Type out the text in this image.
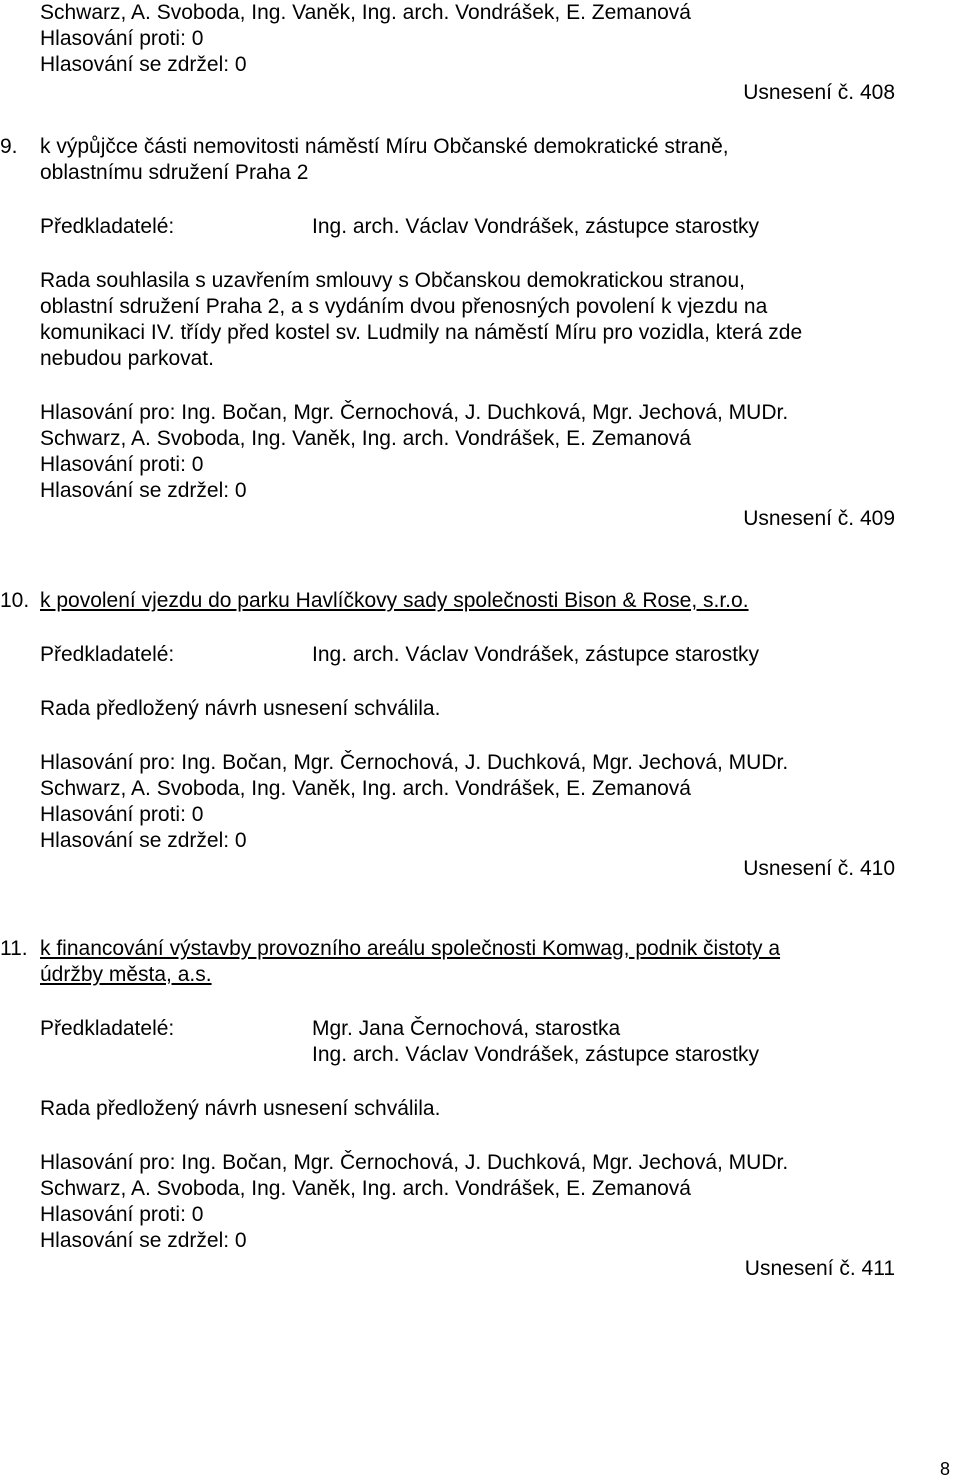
Schwarz, A. Svoboda, Ing. Vaněk, Ing. arch. Vondrášek, E. Zemanová
Hlasování proti: 0
Hlasování se zdržel: 0
Usnesení č. 408
9. k výpůjčce části nemovitosti náměstí Míru Občanské demokratické straně,
oblastnímu sdružení Praha 2
Předkladatelé:	Ing. arch. Václav Vondrášek, zástupce starostky
Rada souhlasila s uzavřením smlouvy s Občanskou demokratickou stranou,
oblastní sdružení Praha 2, a s vydáním dvou přenosných povolení k vjezdu na
komunikaci IV. třídy před kostel sv. Ludmily na náměstí Míru pro vozidla, která zde
nebudou parkovat.
Hlasování pro: Ing. Bočan, Mgr. Černochová, J. Duchková, Mgr. Jechová, MUDr.
Schwarz, A. Svoboda, Ing. Vaněk, Ing. arch. Vondrášek, E. Zemanová
Hlasování proti: 0
Hlasování se zdržel: 0
Usnesení č. 409
10. k povolení vjezdu do parku Havlíčkovy sady společnosti Bison & Rose, s.r.o.
Předkladatelé:	Ing. arch. Václav Vondrášek, zástupce starostky
Rada předložený návrh usnesení schválila.
Hlasování pro: Ing. Bočan, Mgr. Černochová, J. Duchková, Mgr. Jechová, MUDr.
Schwarz, A. Svoboda, Ing. Vaněk, Ing. arch. Vondrášek, E. Zemanová
Hlasování proti: 0
Hlasování se zdržel: 0
Usnesení č. 410
11. k financování výstavby provozního areálu společnosti Komwag, podnik čistoty a
údržby města, a.s.
Předkladatelé:	Mgr. Jana Černochová, starostka
Ing. arch. Václav Vondrášek, zástupce starostky
Rada předložený návrh usnesení schválila.
Hlasování pro: Ing. Bočan, Mgr. Černochová, J. Duchková, Mgr. Jechová, MUDr.
Schwarz, A. Svoboda, Ing. Vaněk, Ing. arch. Vondrášek, E. Zemanová
Hlasování proti: 0
Hlasování se zdržel: 0
Usnesení č. 411
8
